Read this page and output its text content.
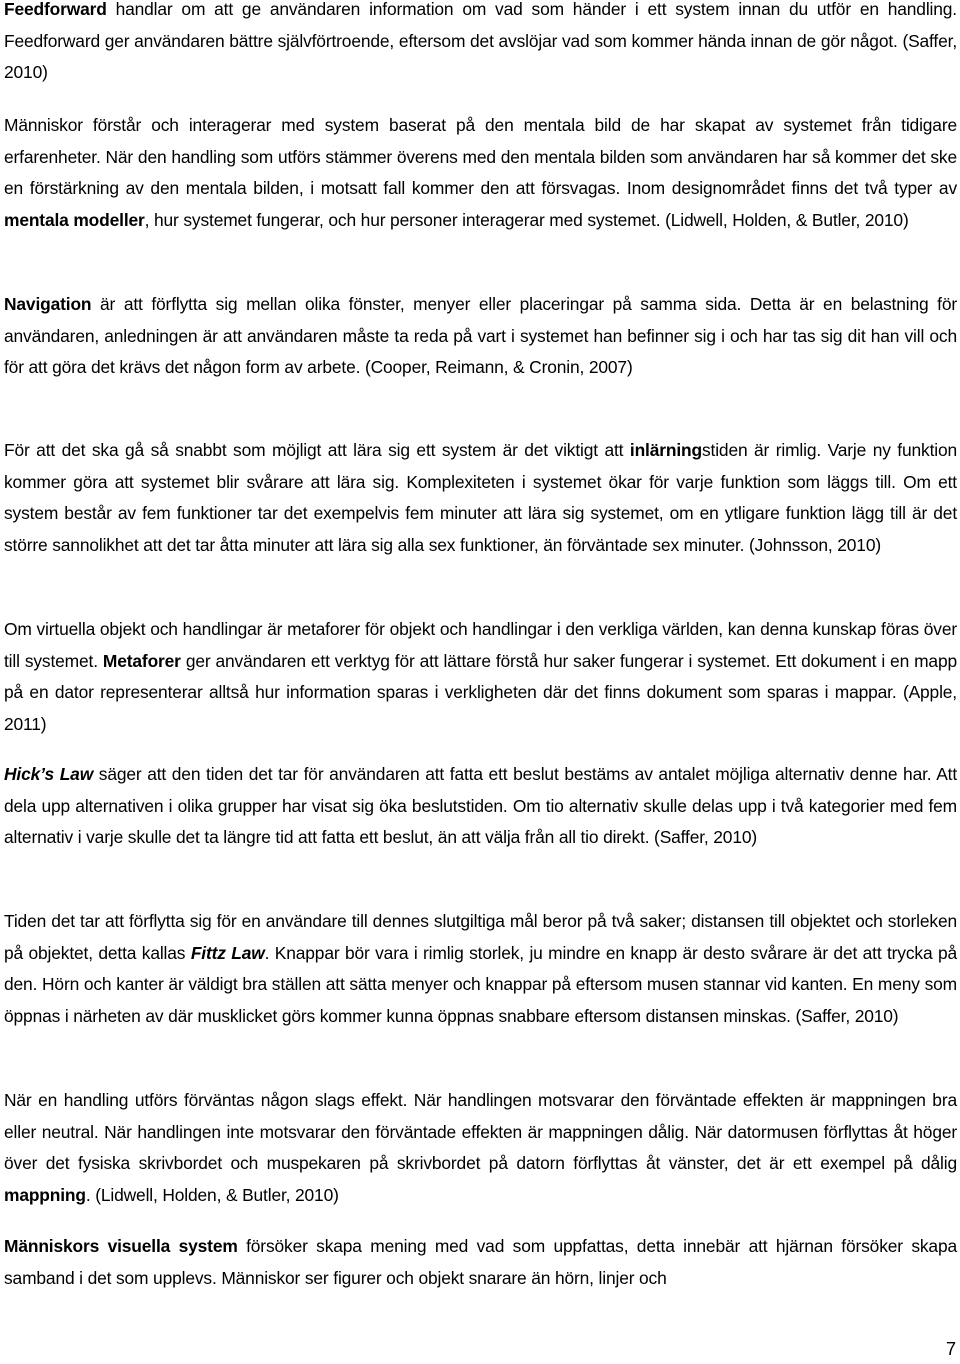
Feedforward handlar om att ge användaren information om vad som händer i ett system innan du utför en handling. Feedforward ger användaren bättre självförtroende, eftersom det avslöjar vad som kommer hända innan de gör något. (Saffer, 2010)

Människor förstår och interagerar med system baserat på den mentala bild de har skapat av systemet från tidigare erfarenheter. När den handling som utförs stämmer överens med den mentala bilden som användaren har så kommer det ske en förstärkning av den mentala bilden, i motsatt fall kommer den att försvagas. Inom designområdet finns det två typer av mentala modeller, hur systemet fungerar, och hur personer interagerar med systemet. (Lidwell, Holden, & Butler, 2010)

Navigation är att förflytta sig mellan olika fönster, menyer eller placeringar på samma sida. Detta är en belastning för användaren, anledningen är att användaren måste ta reda på vart i systemet han befinner sig i och har tas sig dit han vill och för att göra det krävs det någon form av arbete. (Cooper, Reimann, & Cronin, 2007)

För att det ska gå så snabbt som möjligt att lära sig ett system är det viktigt att inlärningstiden är rimlig. Varje ny funktion kommer göra att systemet blir svårare att lära sig. Komplexiteten i systemet ökar för varje funktion som läggs till. Om ett system består av fem funktioner tar det exempelvis fem minuter att lära sig systemet, om en ytligare funktion lägg till är det större sannolikhet att det tar åtta minuter att lära sig alla sex funktioner, än förväntade sex minuter. (Johnsson, 2010)

Om virtuella objekt och handlingar är metaforer för objekt och handlingar i den verkliga världen, kan denna kunskap föras över till systemet. Metaforer ger användaren ett verktyg för att lättare förstå hur saker fungerar i systemet. Ett dokument i en mapp på en dator representerar alltså hur information sparas i verkligheten där det finns dokument som sparas i mappar. (Apple, 2011)

Hick’s Law säger att den tiden det tar för användaren att fatta ett beslut bestäms av antalet möjliga alternativ denne har. Att dela upp alternativen i olika grupper har visat sig öka beslutstiden. Om tio alternativ skulle delas upp i två kategorier med fem alternativ i varje skulle det ta längre tid att fatta ett beslut, än att välja från all tio direkt. (Saffer, 2010)

Tiden det tar att förflytta sig för en användare till dennes slutgiltiga mål beror på två saker; distansen till objektet och storleken på objektet, detta kallas Fittz Law. Knappar bör vara i rimlig storlek, ju mindre en knapp är desto svårare är det att trycka på den. Hörn och kanter är väldigt bra ställen att sätta menyer och knappar på eftersom musen stannar vid kanten. En meny som öppnas i närheten av där musklicket görs kommer kunna öppnas snabbare eftersom distansen minskas. (Saffer, 2010)

När en handling utförs förväntas någon slags effekt. När handlingen motsvarar den förväntade effekten är mappningen bra eller neutral. När handlingen inte motsvarar den förväntade effekten är mappningen dålig. När datormusen förflyttas åt höger över det fysiska skrivbordet och muspekaren på skrivbordet på datorn förflyttas åt vänster, det är ett exempel på dålig mappning. (Lidwell, Holden, & Butler, 2010)

Människors visuella system försöker skapa mening med vad som uppfattas, detta innebär att hjärnan försöker skapa samband i det som upplevs. Människor ser figurer och objekt snarare än hörn, linjer och

7
